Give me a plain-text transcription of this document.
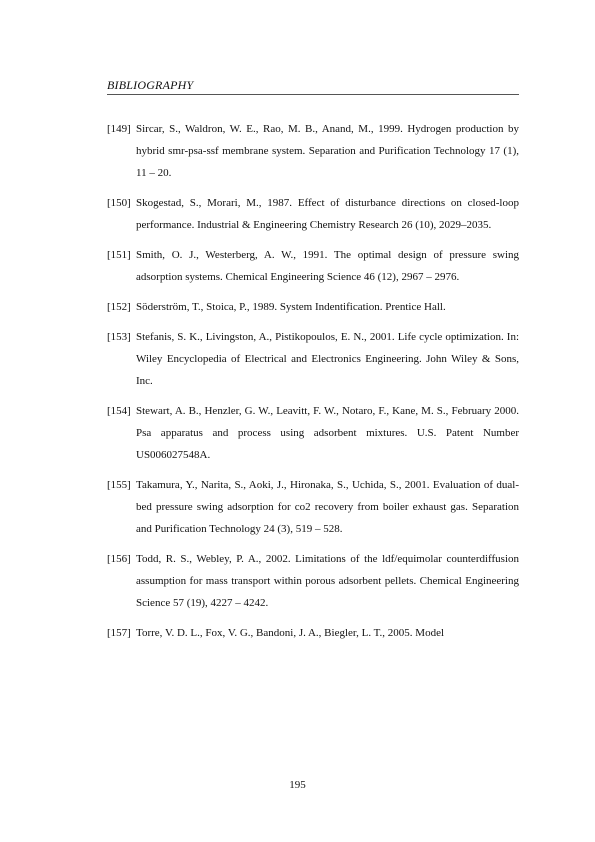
BIBLIOGRAPHY
[149] Sircar, S., Waldron, W. E., Rao, M. B., Anand, M., 1999. Hydrogen production by hybrid smr-psa-ssf membrane system. Separation and Purification Technology 17 (1), 11 – 20.
[150] Skogestad, S., Morari, M., 1987. Effect of disturbance directions on closed-loop performance. Industrial & Engineering Chemistry Research 26 (10), 2029–2035.
[151] Smith, O. J., Westerberg, A. W., 1991. The optimal design of pressure swing adsorption systems. Chemical Engineering Science 46 (12), 2967 – 2976.
[152] Söderström, T., Stoica, P., 1989. System Indentification. Prentice Hall.
[153] Stefanis, S. K., Livingston, A., Pistikopoulos, E. N., 2001. Life cycle optimization. In: Wiley Encyclopedia of Electrical and Electronics Engineering. John Wiley & Sons, Inc.
[154] Stewart, A. B., Henzler, G. W., Leavitt, F. W., Notaro, F., Kane, M. S., February 2000. Psa apparatus and process using adsorbent mixtures. U.S. Patent Number US006027548A.
[155] Takamura, Y., Narita, S., Aoki, J., Hironaka, S., Uchida, S., 2001. Evaluation of dual-bed pressure swing adsorption for co2 recovery from boiler exhaust gas. Separation and Purification Technology 24 (3), 519 – 528.
[156] Todd, R. S., Webley, P. A., 2002. Limitations of the ldf/equimolar counterdiffusion assumption for mass transport within porous adsorbent pellets. Chemical Engineering Science 57 (19), 4227 – 4242.
[157] Torre, V. D. L., Fox, V. G., Bandoni, J. A., Biegler, L. T., 2005. Model
195
